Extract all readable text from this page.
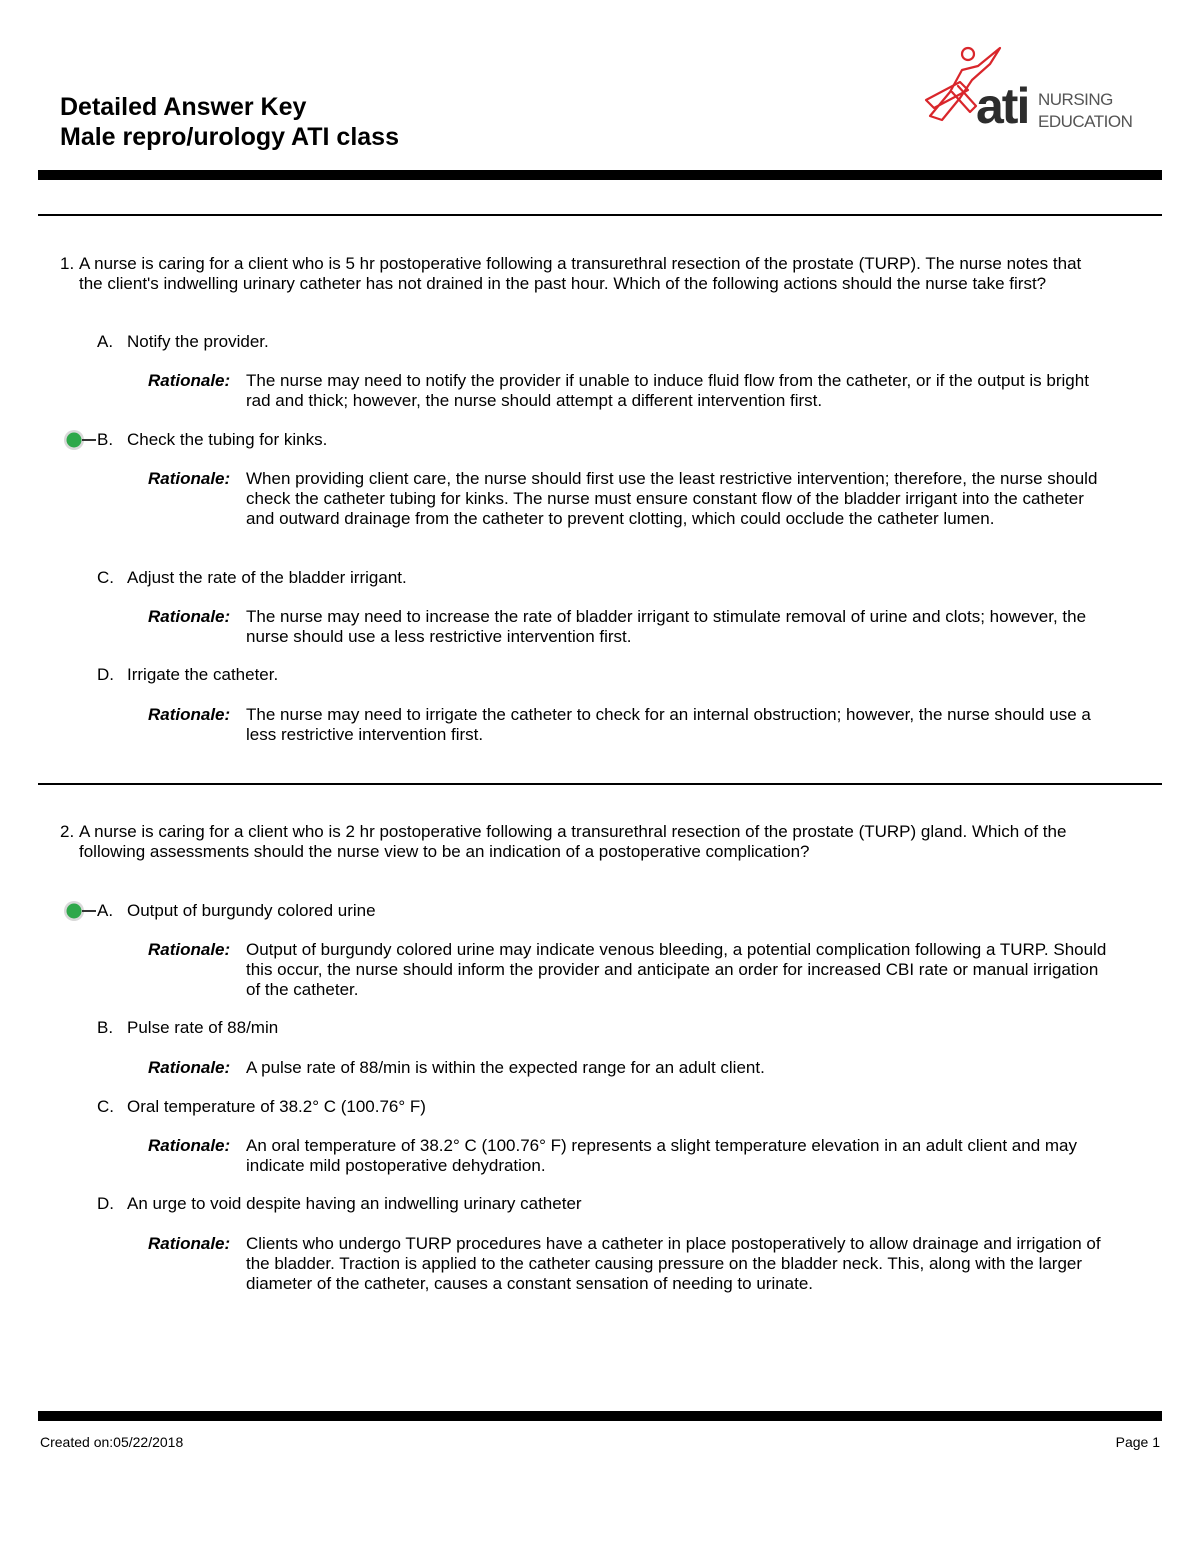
Detailed Answer Key
Male repro/urology ATI class
ati NURSING
EDUCATION
1. A nurse is caring for a client who is 5 hr postoperative following a transurethral resection of the prostate (TURP). The nurse notes that the client's indwelling urinary catheter has not drained in the past hour. Which of the following actions should the nurse take first?
A. Notify the provider.
Rationale: The nurse may need to notify the provider if unable to induce fluid flow from the catheter, or if the output is bright rad and thick; however, the nurse should attempt a different intervention first.
B. Check the tubing for kinks.
Rationale: When providing client care, the nurse should first use the least restrictive intervention; therefore, the nurse should check the catheter tubing for kinks. The nurse must ensure constant flow of the bladder irrigant into the catheter and outward drainage from the catheter to prevent clotting, which could occlude the catheter lumen.
C. Adjust the rate of the bladder irrigant.
Rationale: The nurse may need to increase the rate of bladder irrigant to stimulate removal of urine and clots; however, the nurse should use a less restrictive intervention first.
D. Irrigate the catheter.
Rationale: The nurse may need to irrigate the catheter to check for an internal obstruction; however, the nurse should use a less restrictive intervention first.
2. A nurse is caring for a client who is 2 hr postoperative following a transurethral resection of the prostate (TURP) gland. Which of the following assessments should the nurse view to be an indication of a postoperative complication?
A. Output of burgundy colored urine
Rationale: Output of burgundy colored urine may indicate venous bleeding, a potential complication following a TURP. Should this occur, the nurse should inform the provider and anticipate an order for increased CBI rate or manual irrigation of the catheter.
B. Pulse rate of 88/min
Rationale: A pulse rate of 88/min is within the expected range for an adult client.
C. Oral temperature of 38.2° C (100.76° F)
Rationale: An oral temperature of 38.2° C (100.76° F) represents a slight temperature elevation in an adult client and may indicate mild postoperative dehydration.
D. An urge to void despite having an indwelling urinary catheter
Rationale: Clients who undergo TURP procedures have a catheter in place postoperatively to allow drainage and irrigation of the bladder. Traction is applied to the catheter causing pressure on the bladder neck. This, along with the larger diameter of the catheter, causes a constant sensation of needing to urinate.
Created on:05/22/2018	Page 1
